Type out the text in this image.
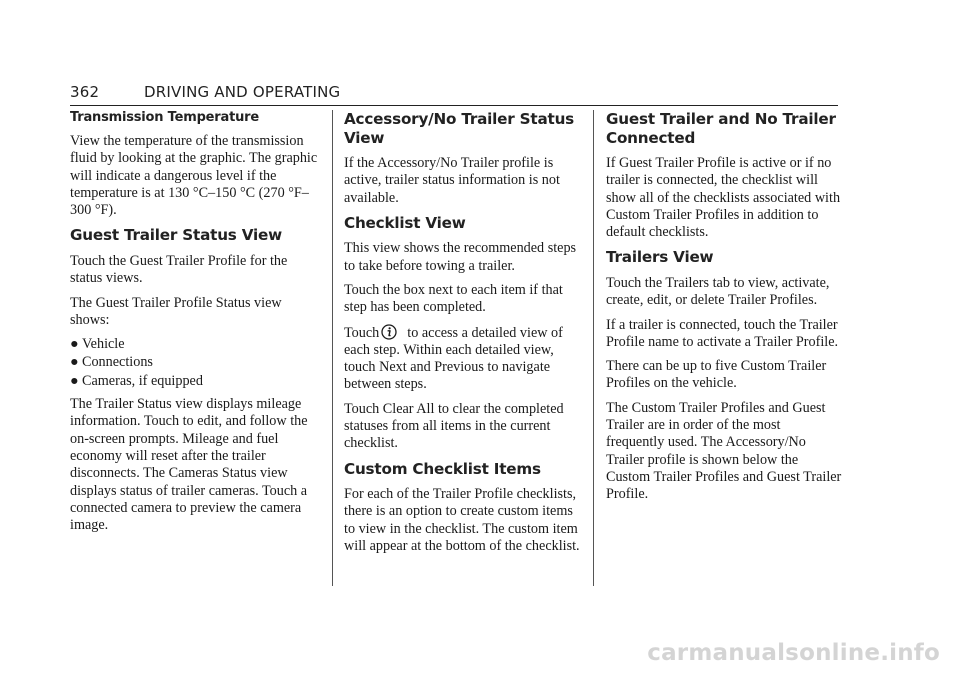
362	DRIVING AND OPERATING
Transmission Temperature

View the temperature of the transmission fluid by looking at the graphic. The graphic will indicate a dangerous level if the temperature is at 130 °C–150 °C (270 °F–300 °F).

Guest Trailer Status View

Touch the Guest Trailer Profile for the status views.

The Guest Trailer Profile Status view shows:

● Vehicle
● Connections
● Cameras, if equipped

The Trailer Status view displays mileage information. Touch to edit, and follow the on-screen prompts. Mileage and fuel economy will reset after the trailer disconnects. The Cameras Status view displays status of trailer cameras. Touch a connected camera to preview the camera image.

Accessory/No Trailer Status View

If the Accessory/No Trailer profile is active, trailer status information is not available.

Checklist View

This view shows the recommended steps to take before towing a trailer.

Touch the box next to each item if that step has been completed.

Touch to access a detailed view of each step. Within each detailed view, touch Next and Previous to navigate between steps.

Touch Clear All to clear the completed statuses from all items in the current checklist.

Custom Checklist Items

For each of the Trailer Profile checklists, there is an option to create custom items to view in the checklist. The custom item will appear at the bottom of the checklist.

Guest Trailer and No Trailer Connected

If Guest Trailer Profile is active or if no trailer is connected, the checklist will show all of the checklists associated with Custom Trailer Profiles in addition to default checklists.

Trailers View

Touch the Trailers tab to view, activate, create, edit, or delete Trailer Profiles.

If a trailer is connected, touch the Trailer Profile name to activate a Trailer Profile.

There can be up to five Custom Trailer Profiles on the vehicle.

The Custom Trailer Profiles and Guest Trailer are in order of the most frequently used. The Accessory/No Trailer profile is shown below the Custom Trailer Profiles and Guest Trailer Profile.

carmanualsonline.info
